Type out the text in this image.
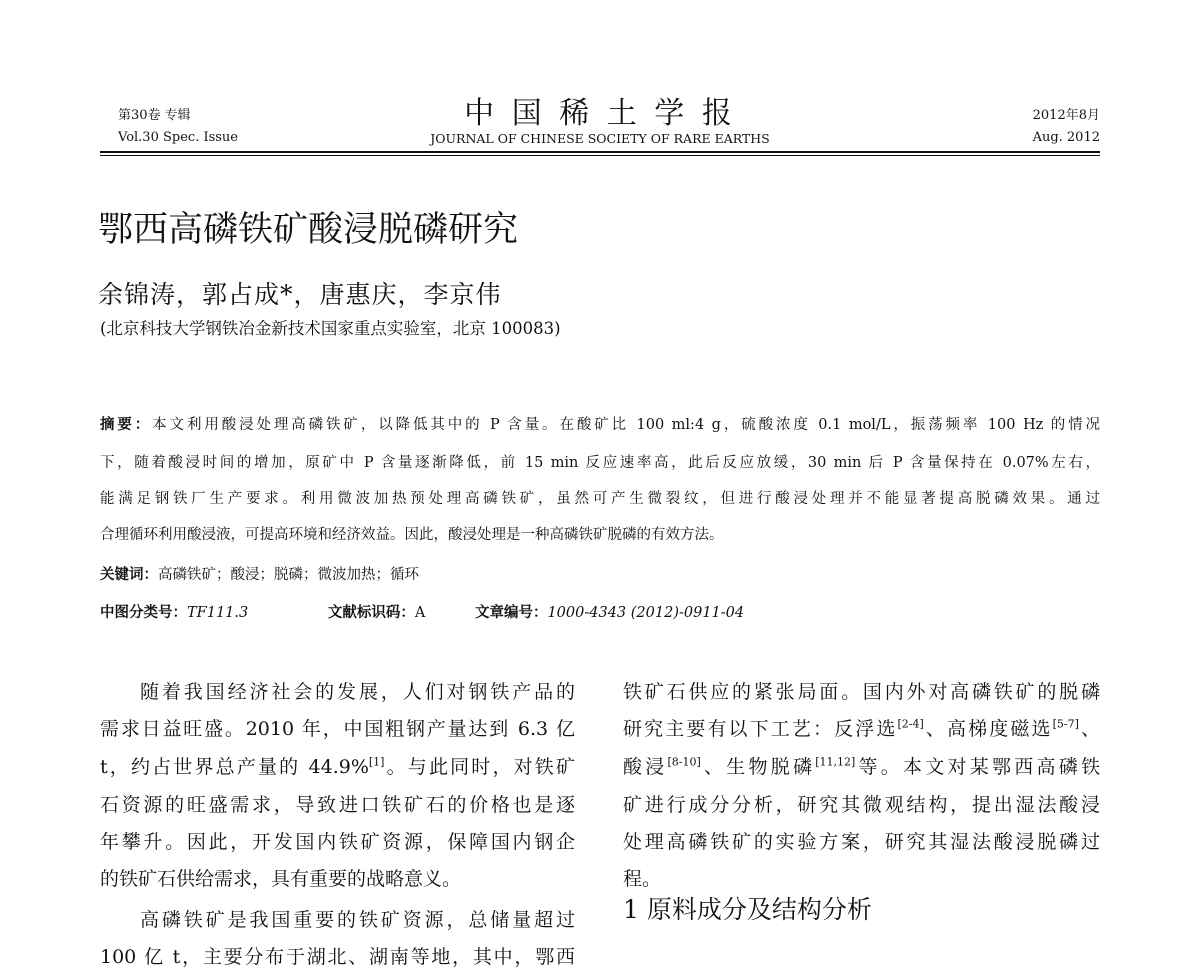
第30卷 专辑
Vol.30 Spec. Issue
中 国 稀 土 学 报
JOURNAL OF CHINESE SOCIETY OF RARE EARTHS
2012年8月
Aug. 2012
鄂西高磷铁矿酸浸脱磷研究
余锦涛，郭占成*，唐惠庆，李京伟
(北京科技大学钢铁冶金新技术国家重点实验室，北京 100083)
摘要：本文利用酸浸处理高磷铁矿，以降低其中的 P 含量。在酸矿比 100 ml:4 g，硫酸浓度 0.1 mol/L，振荡频率 100 Hz 的情况
下，随着酸浸时间的增加，原矿中 P 含量逐渐降低，前 15 min 反应速率高，此后反应放缓，30 min 后 P 含量保持在 0.07%左右，
能满足钢铁厂生产要求。利用微波加热预处理高磷铁矿，虽然可产生微裂纹，但进行酸浸处理并不能显著提高脱磷效果。通过
合理循环利用酸浸液，可提高环境和经济效益。因此，酸浸处理是一种高磷铁矿脱磷的有效方法。
关键词：高磷铁矿；酸浸；脱磷；微波加热；循环
中图分类号：TF111.3	文献标识码：A	文章编号：1000-4343 (2012)-0911-04
随着我国经济社会的发展，人们对钢铁产品的
需求日益旺盛。2010 年，中国粗钢产量达到 6.3 亿
t，约占世界总产量的 44.9%[1]。与此同时，对铁矿
石资源的旺盛需求，导致进口铁矿石的价格也是逐
年攀升。因此，开发国内铁矿资源，保障国内钢企
的铁矿石供给需求，具有重要的战略意义。
高磷铁矿是我国重要的铁矿资源，总储量超过
100 亿 t，主要分布于湖北、湖南等地，其中，鄂西
铁矿石供应的紧张局面。国内外对高磷铁矿的脱磷
研究主要有以下工艺：反浮选[2-4]、高梯度磁选[5-7]、
酸浸[8-10]、生物脱磷[11,12]等。本文对某鄂西高磷铁
矿进行成分分析，研究其微观结构，提出湿法酸浸
处理高磷铁矿的实验方案，研究其湿法酸浸脱磷过
程。
1 原料成分及结构分析
